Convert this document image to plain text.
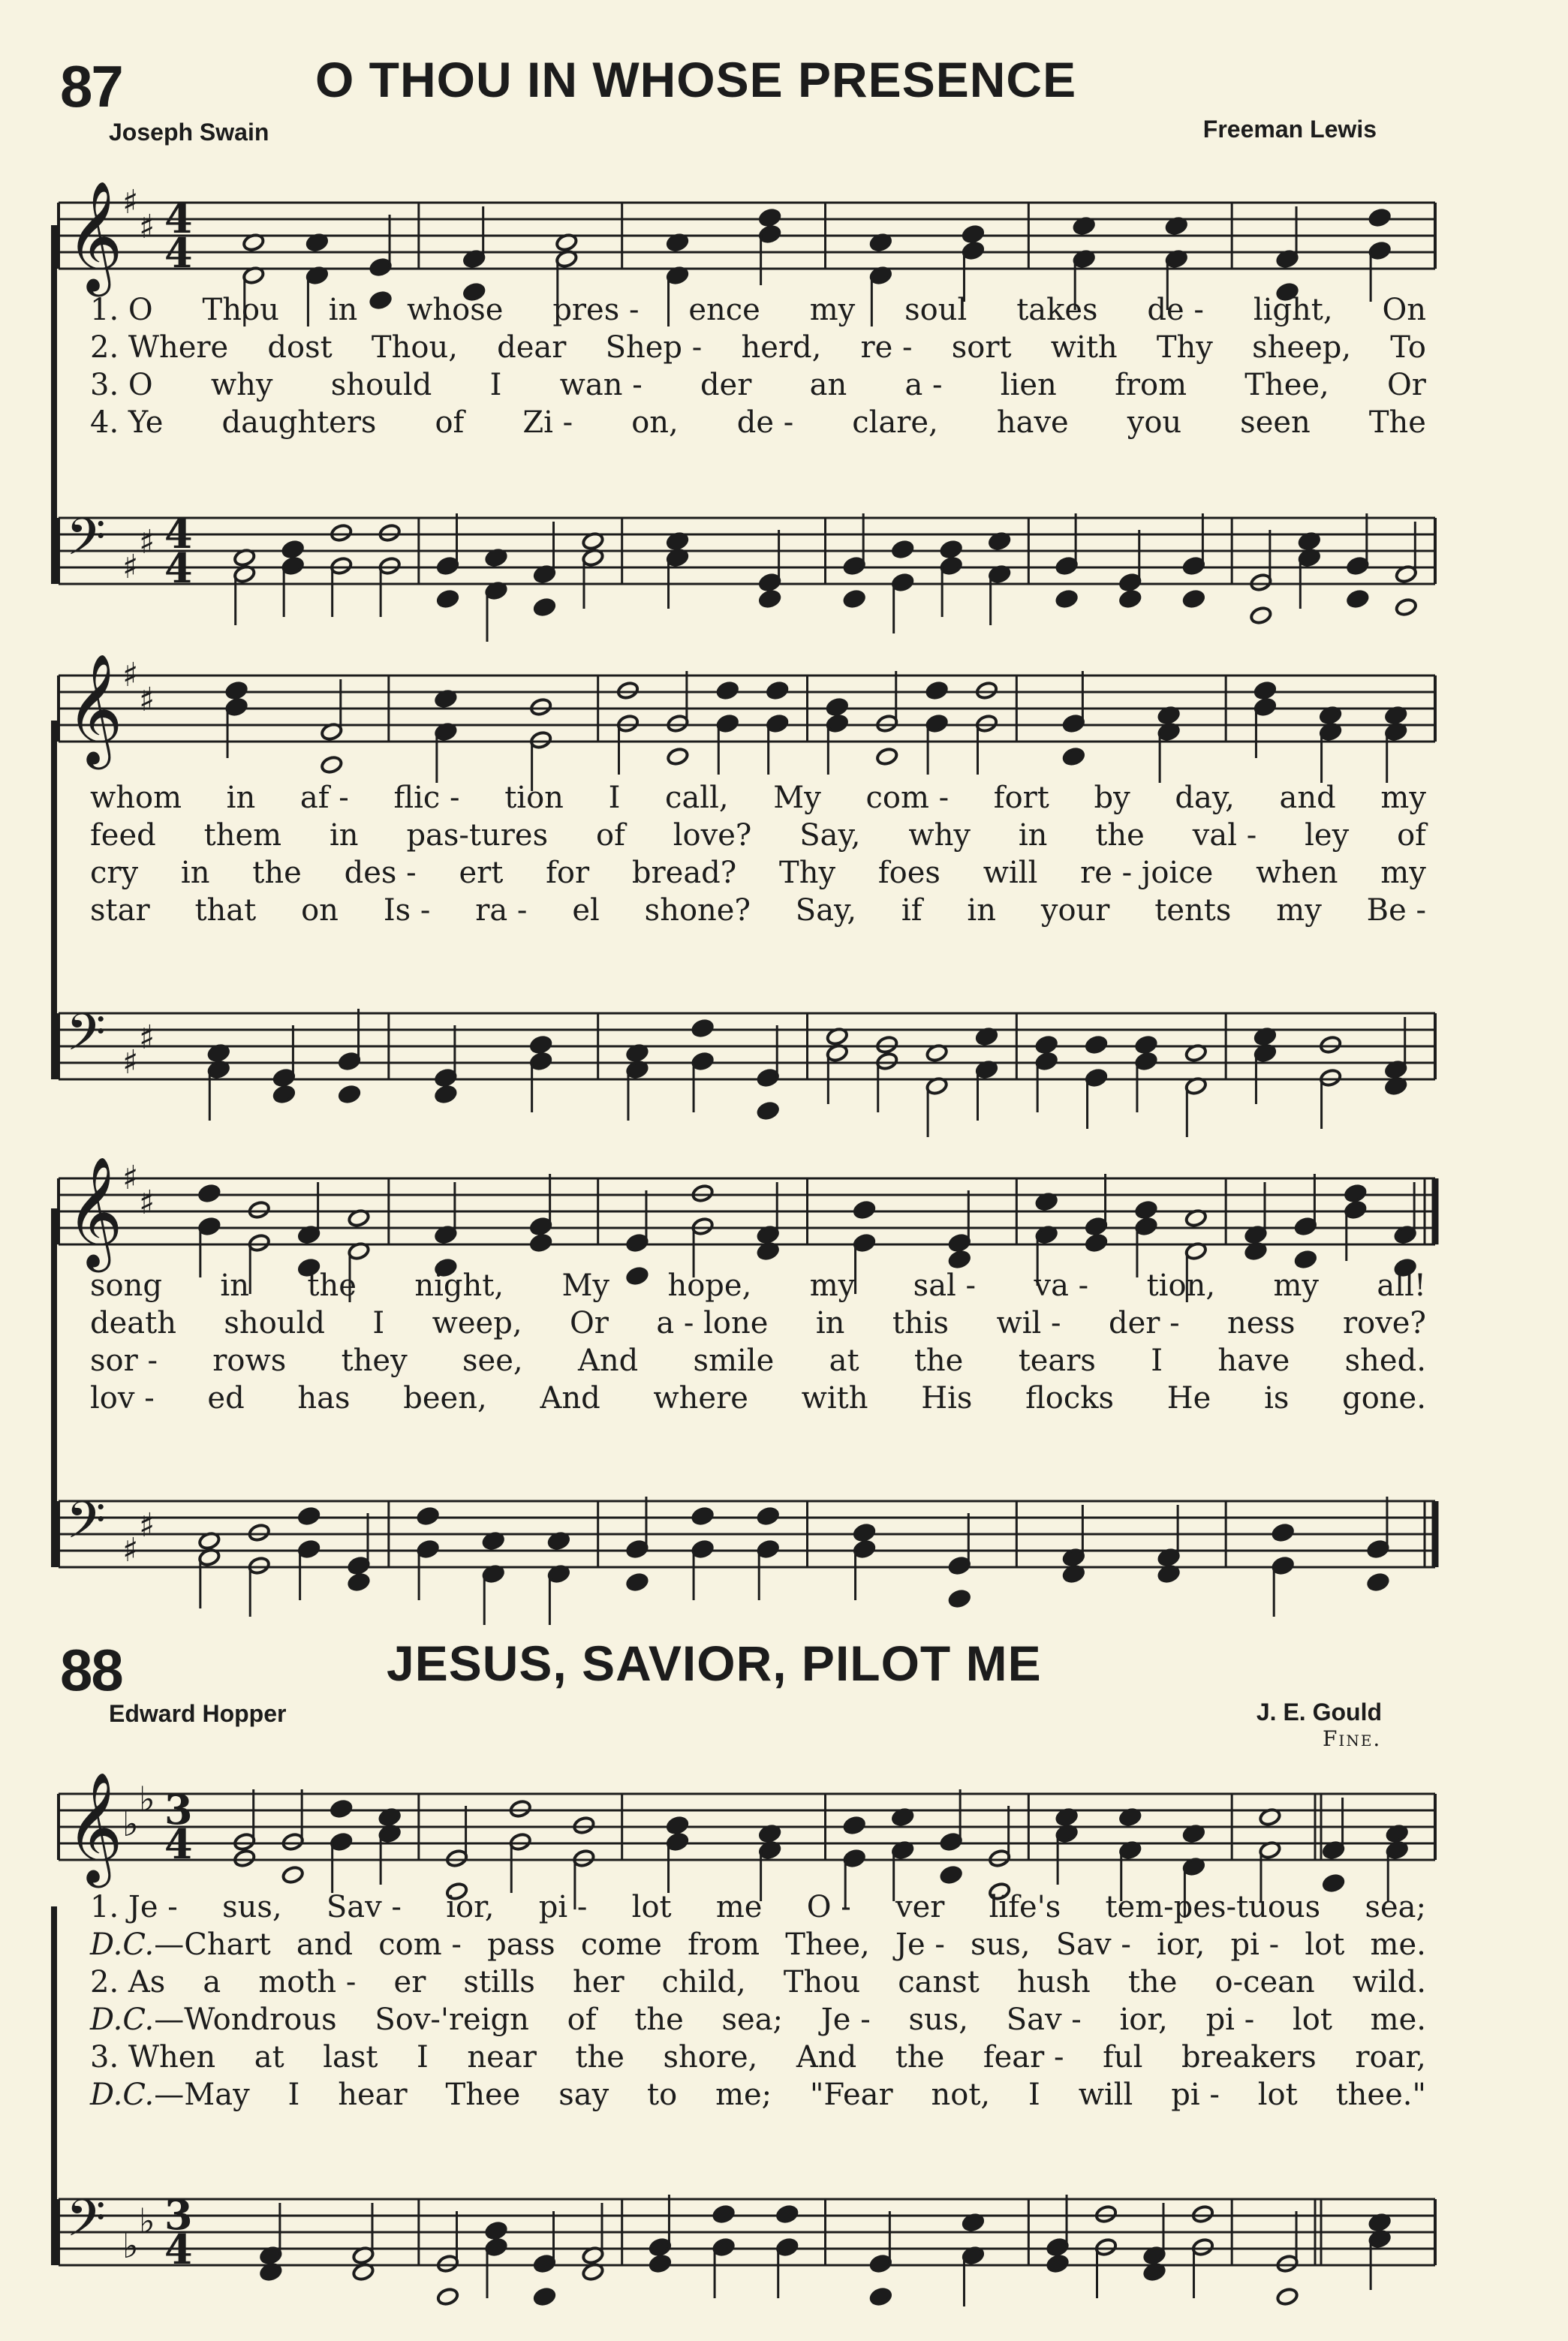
87	O THOU IN WHOSE PRESENCE
Joseph Swain	Freeman Lewis
𝄞 ♯
♯ 4
4
1. O Thou in whose pres - ence my soul takes de - light, On
2. Where dost Thou, dear Shep - herd, re - sort with Thy sheep, To
3. O why should I wan - der an a - lien from Thee, Or
4. Ye daughters of Zi - on, de - clare, have you seen The
𝄢 ♯
♯ 4
4
𝄞 ♯
♯
whom in af - flic - tion I call, My com - fort by day, and my
feed them in pas-tures of love? Say, why in the val - ley of
cry in the des - ert for bread? Thy foes will re - joice when my
star that on Is - ra - el shone? Say, if in your tents my Be -
𝄢 ♯
♯
𝄞 ♯
♯
song in the night, My hope, my sal - va - tion, my all!
death should I weep, Or a - lone in this wil - der - ness rove?
sor - rows they see, And smile at the tears I have shed.
lov - ed has been, And where with His flocks He is gone.
𝄢 ♯
♯
88	JESUS, SAVIOR, PILOT ME
Edward Hopper	J. E. Gould
Fine.
𝄞 ♭
♭ 3
4
1. Je - sus, Sav - ior, pi - lot me O - ver life's tem-pes-tuous sea;
D.C. —Chart and com - pass come from Thee, Je - sus, Sav - ior, pi - lot me.
2. As a moth - er stills her child, Thou canst hush the o-cean wild.
D.C. —Wondrous Sov-'reign of the sea; Je - sus, Sav - ior, pi - lot me.
3. When at last I near the shore, And the fear - ful breakers roar,
D.C. —May I hear Thee say to me; "Fear not, I will pi - lot thee."
𝄢 ♭
♭ 3
4
